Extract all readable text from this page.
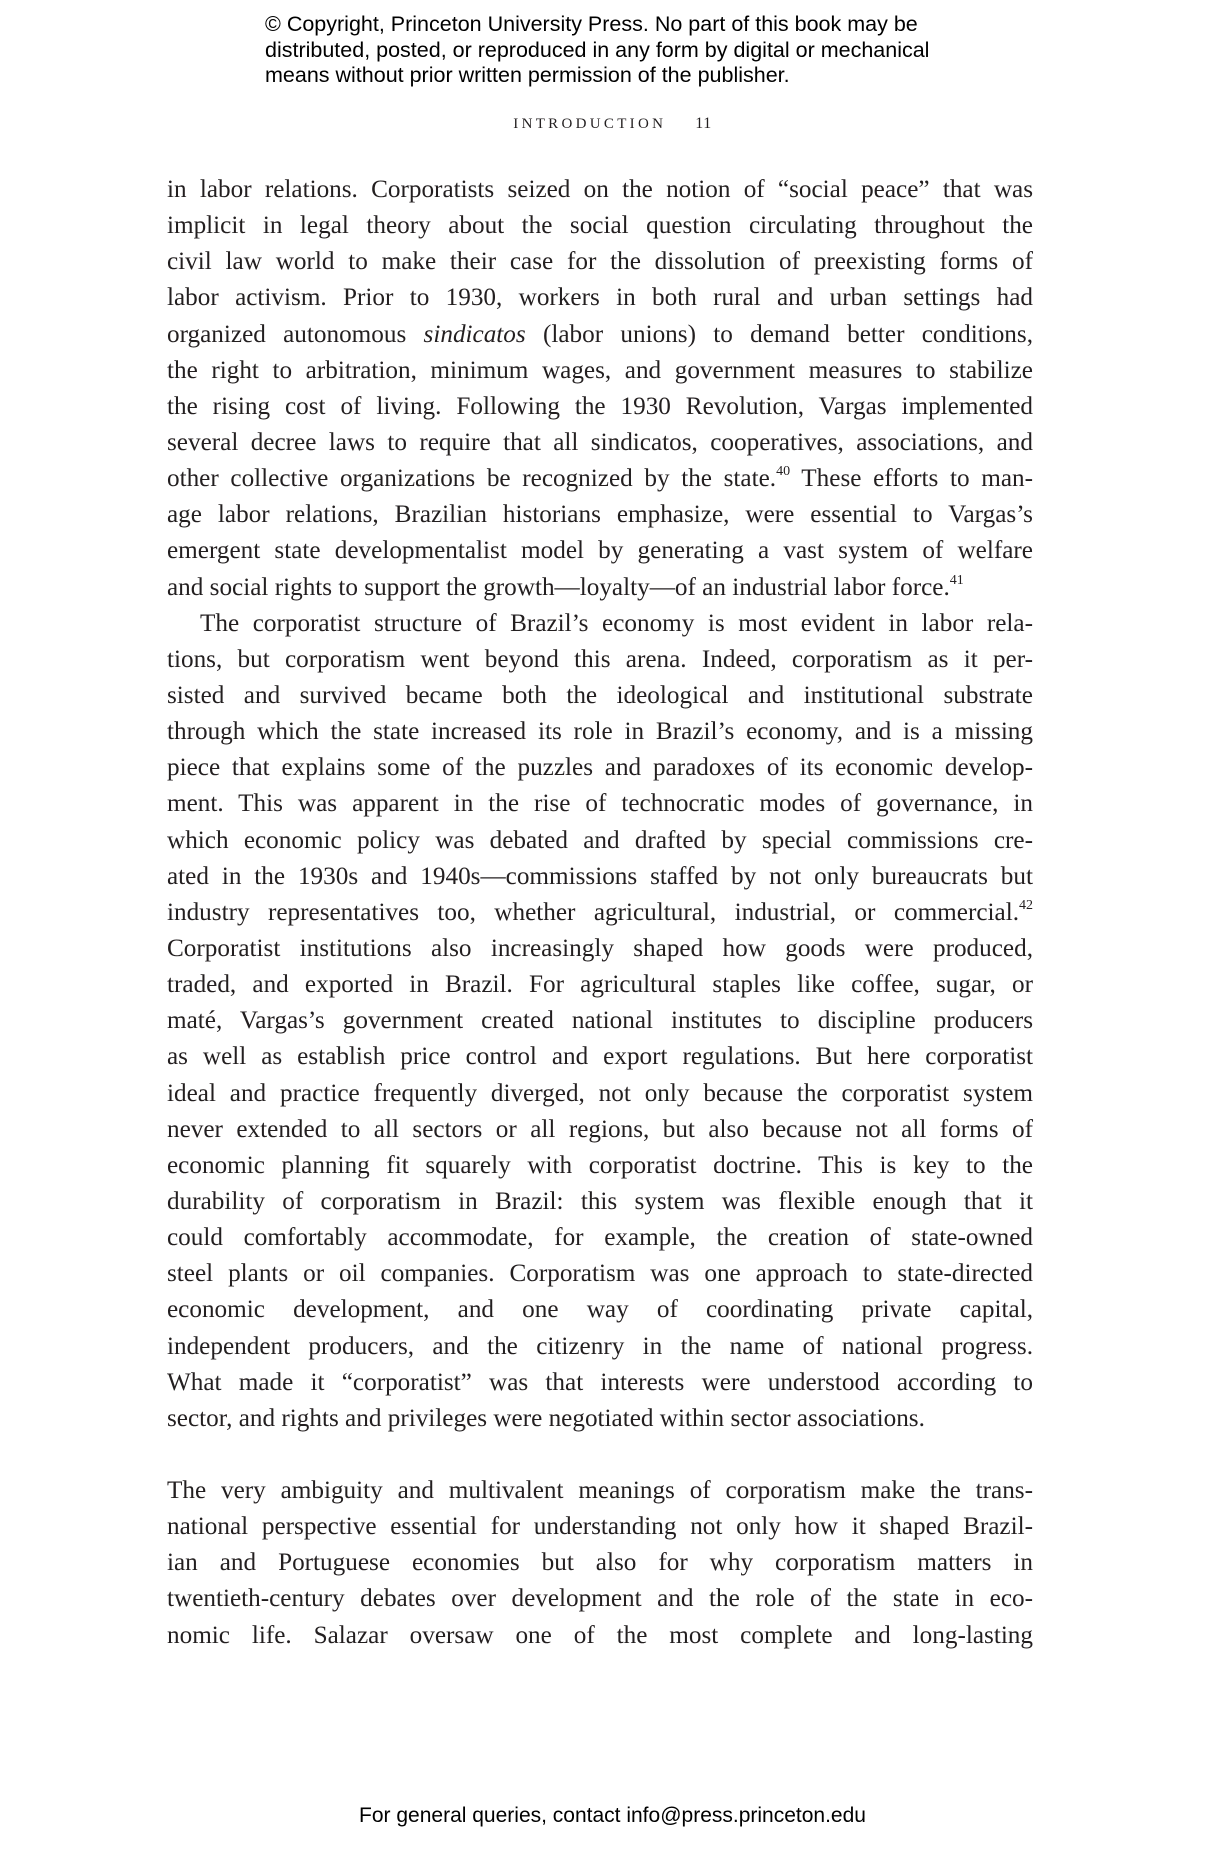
© Copyright, Princeton University Press. No part of this book may be
distributed, posted, or reproduced in any form by digital or mechanical
means without prior written permission of the publisher.
INTRODUCTION 11
in labor relations. Corporatists seized on the notion of “social peace” that was
implicit in legal theory about the social question circulating throughout the
civil law world to make their case for the dissolution of preexisting forms of
labor activism. Prior to 1930, workers in both rural and urban settings had
organized autonomous sindicatos (labor unions) to demand better conditions,
the right to arbitration, minimum wages, and government measures to stabilize
the rising cost of living. Following the 1930 Revolution, Vargas implemented
several decree laws to require that all sindicatos, cooperatives, associations, and
other collective organizations be recognized by the state.$^{40}$ These efforts to man-
age labor relations, Brazilian historians emphasize, were essential to Vargas’s
emergent state developmentalist model by generating a vast system of welfare
and social rights to support the growth—loyalty—of an industrial labor force.$^{41}$
The corporatist structure of Brazil’s economy is most evident in labor rela-
tions, but corporatism went beyond this arena. Indeed, corporatism as it per-
sisted and survived became both the ideological and institutional substrate
through which the state increased its role in Brazil’s economy, and is a missing
piece that explains some of the puzzles and paradoxes of its economic develop-
ment. This was apparent in the rise of technocratic modes of governance, in
which economic policy was debated and drafted by special commissions cre-
ated in the 1930s and 1940s—commissions staffed by not only bureaucrats but
industry representatives too, whether agricultural, industrial, or commercial.$^{42}$
Corporatist institutions also increasingly shaped how goods were produced,
traded, and exported in Brazil. For agricultural staples like coffee, sugar, or
maté, Vargas’s government created national institutes to discipline producers
as well as establish price control and export regulations. But here corporatist
ideal and practice frequently diverged, not only because the corporatist system
never extended to all sectors or all regions, but also because not all forms of
economic planning fit squarely with corporatist doctrine. This is key to the
durability of corporatism in Brazil: this system was flexible enough that it
could comfortably accommodate, for example, the creation of state-owned
steel plants or oil companies. Corporatism was one approach to state-directed
economic development, and one way of coordinating private capital,
independent producers, and the citizenry in the name of national progress.
What made it “corporatist” was that interests were understood according to
sector, and rights and privileges were negotiated within sector associations.
The very ambiguity and multivalent meanings of corporatism make the trans-
national perspective essential for understanding not only how it shaped Brazil-
ian and Portuguese economies but also for why corporatism matters in
twentieth-century debates over development and the role of the state in eco-
nomic life. Salazar oversaw one of the most complete and long-lasting
For general queries, contact info@press.princeton.edu
